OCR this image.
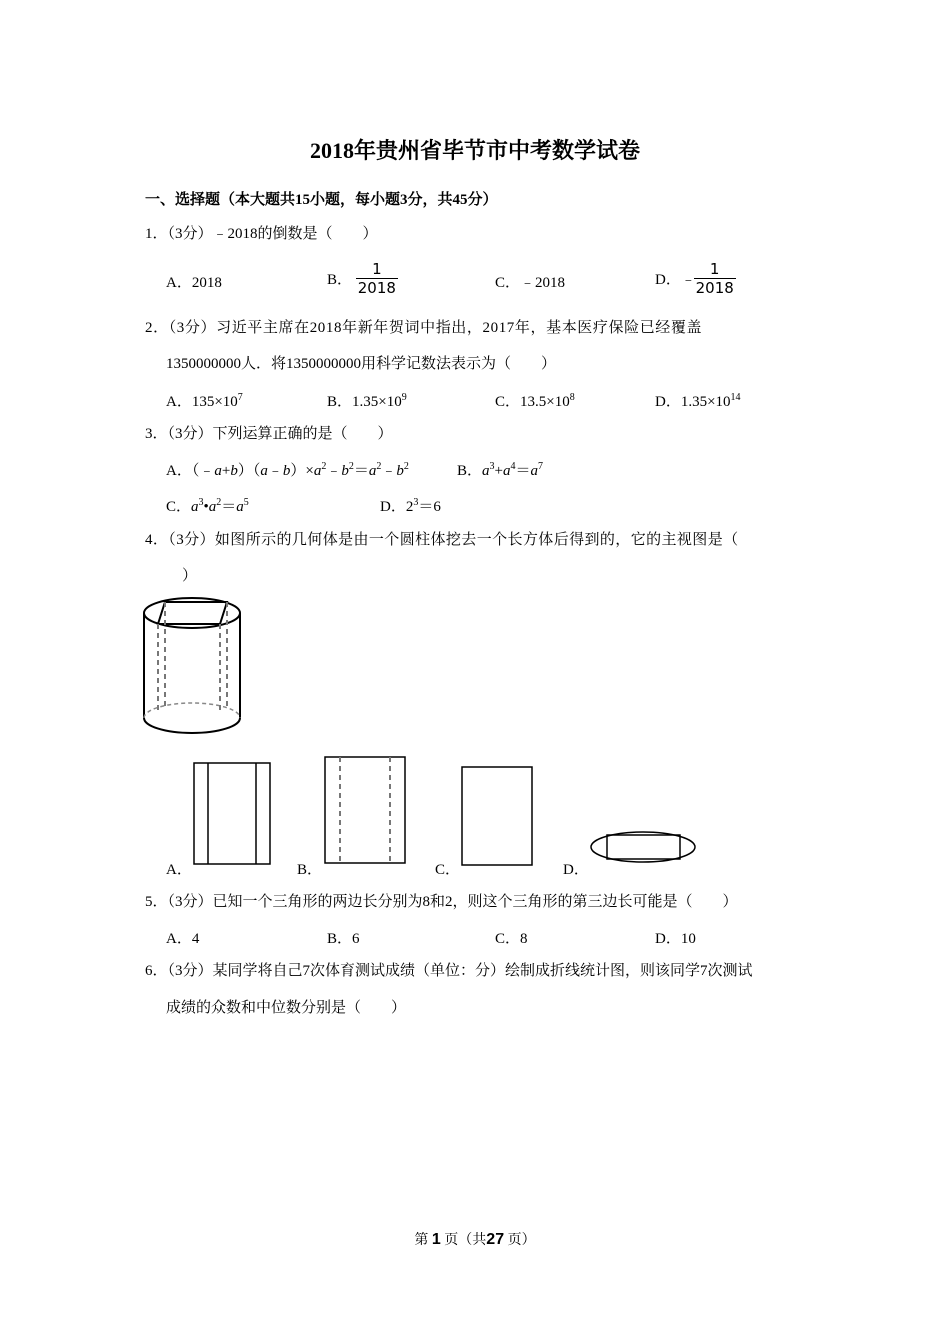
2018年贵州省毕节市中考数学试卷
一、选择题（本大题共15小题，每小题3分，共45分）
1．（3分）﹣2018的倒数是（　　）
A．2018	B． $\frac{1}{2018}$	C．﹣2018	D．﹣
$\frac{1}{2018}$
2．（3分）习近平主席在2018年新年贺词中指出，2017年，基本医疗保险已经覆盖
1350000000人．将1350000000用科学记数法表示为（　　）
A．$135\times 10^7$	B．$1.35\times 10^9$	C．$13.5\times 10^8$	D．$1.35\times 10^{14}$
3．（3分）下列运算正确的是（　　）
A．$(﹣a+b)(a﹣b)\times a^2﹣b^2=a^2﹣b^2$	B．$a^3+a^4=a^7$
C．$a^3•a^2=a^5$	D．$2^3=6$
4．（3分）如图所示的几何体是由一个圆柱体挖去一个长方体后得到的，它的主视图是（
）
A．	B．	C．	D．
5．（3分）已知一个三角形的两边长分别为8和2，则这个三角形的第三边长可能是（　　）
A．4	B．6	C．8	D．10
6．（3分）某同学将自己7次体育测试成绩（单位：分）绘制成折线统计图，则该同学7次测试
成绩的众数和中位数分别是（　　）
第 1 页（共27 页）
